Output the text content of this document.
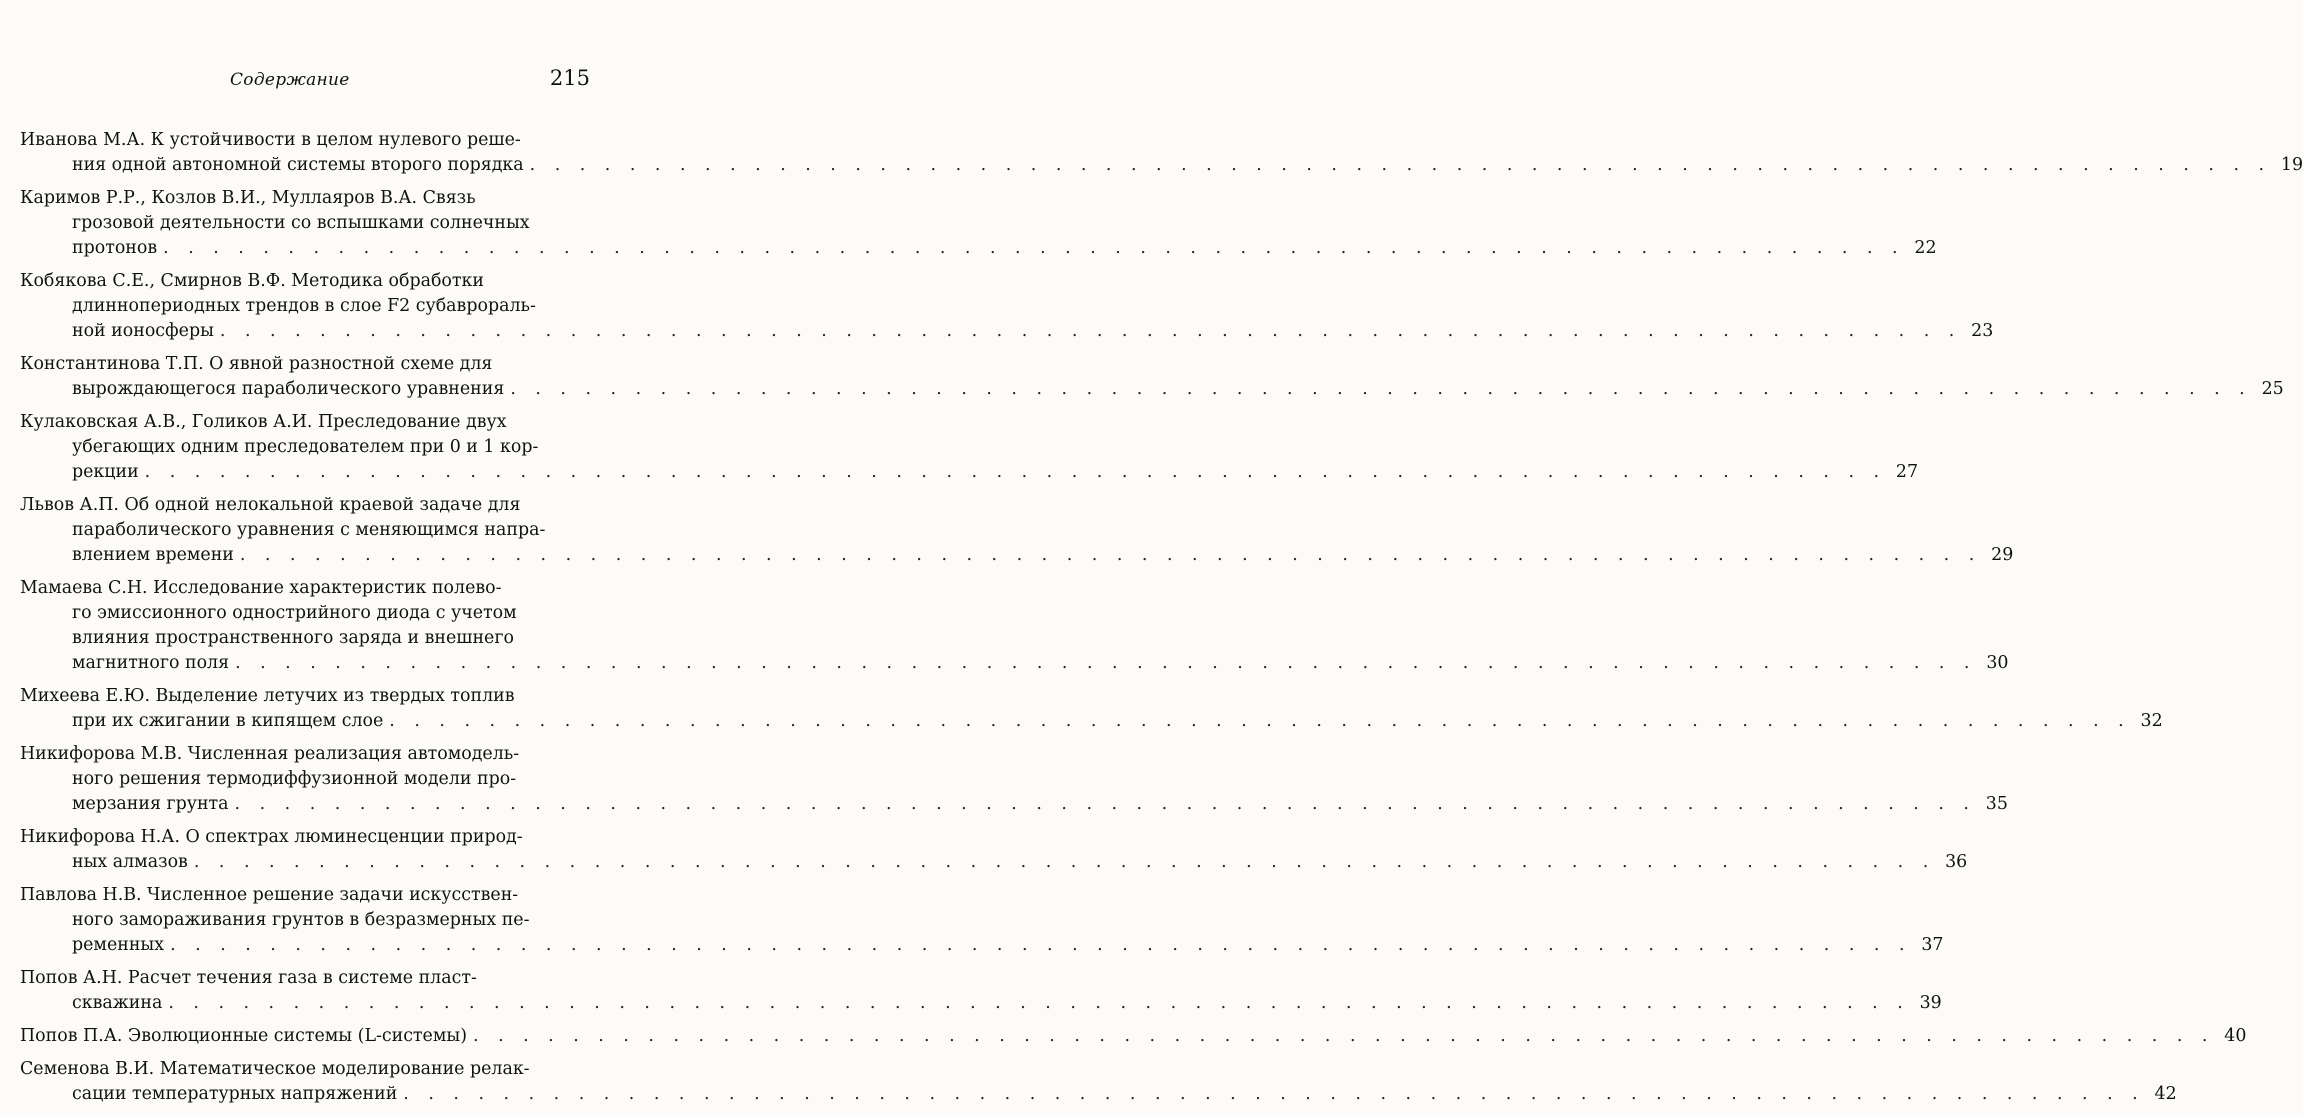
Содержание	215
Иванова М.А. К устойчивости в целом нулевого реше-
ния одной автономной системы второго порядка . . .	19
Каримов Р.Р., Козлов В.И., Муллаяров В.А. Связь
грозовой деятельности со вспышками солнечных
протонов . . .	22
Кобякова С.Е., Смирнов В.Ф. Методика обработки
длиннопериодных трендов в слое F2 субаврораль-
ной ионосферы . . .	23
Константинова Т.П. О явной разностной схеме для
вырождающегося параболического уравнения . . .	25
Кулаковская А.В., Голиков А.И. Преследование двух
убегающих одним преследователем при 0 и 1 кор-
рекции . . .	27
Львов А.П. Об одной нелокальной краевой задаче для
параболического уравнения с меняющимся напра-
влением времени . . .	29
Мамаева С.Н. Исследование характеристик полево-
го эмиссионного однострийного диода с учетом
влияния пространственного заряда и внешнего
магнитного поля . . .	30
Михеева Е.Ю. Выделение летучих из твердых топлив
при их сжигании в кипящем слое . . .	32
Никифорова М.В. Численная реализация автомодель-
ного решения термодиффузионной модели про-
мерзания грунта . . .	35
Никифорова Н.А. О спектрах люминесценции природ-
ных алмазов . . .	36
Павлова Н.В. Численное решение задачи искусствен-
ного замораживания грунтов в безразмерных пе-
ременных . . .	37
Попов А.Н. Расчет течения газа в системе пласт-
скважина . . .	39
Попов П.А. Эволюционные системы (L-системы) . . .	40
Семенова В.И. Математическое моделирование релак-
сации температурных напряжений . . .	42
